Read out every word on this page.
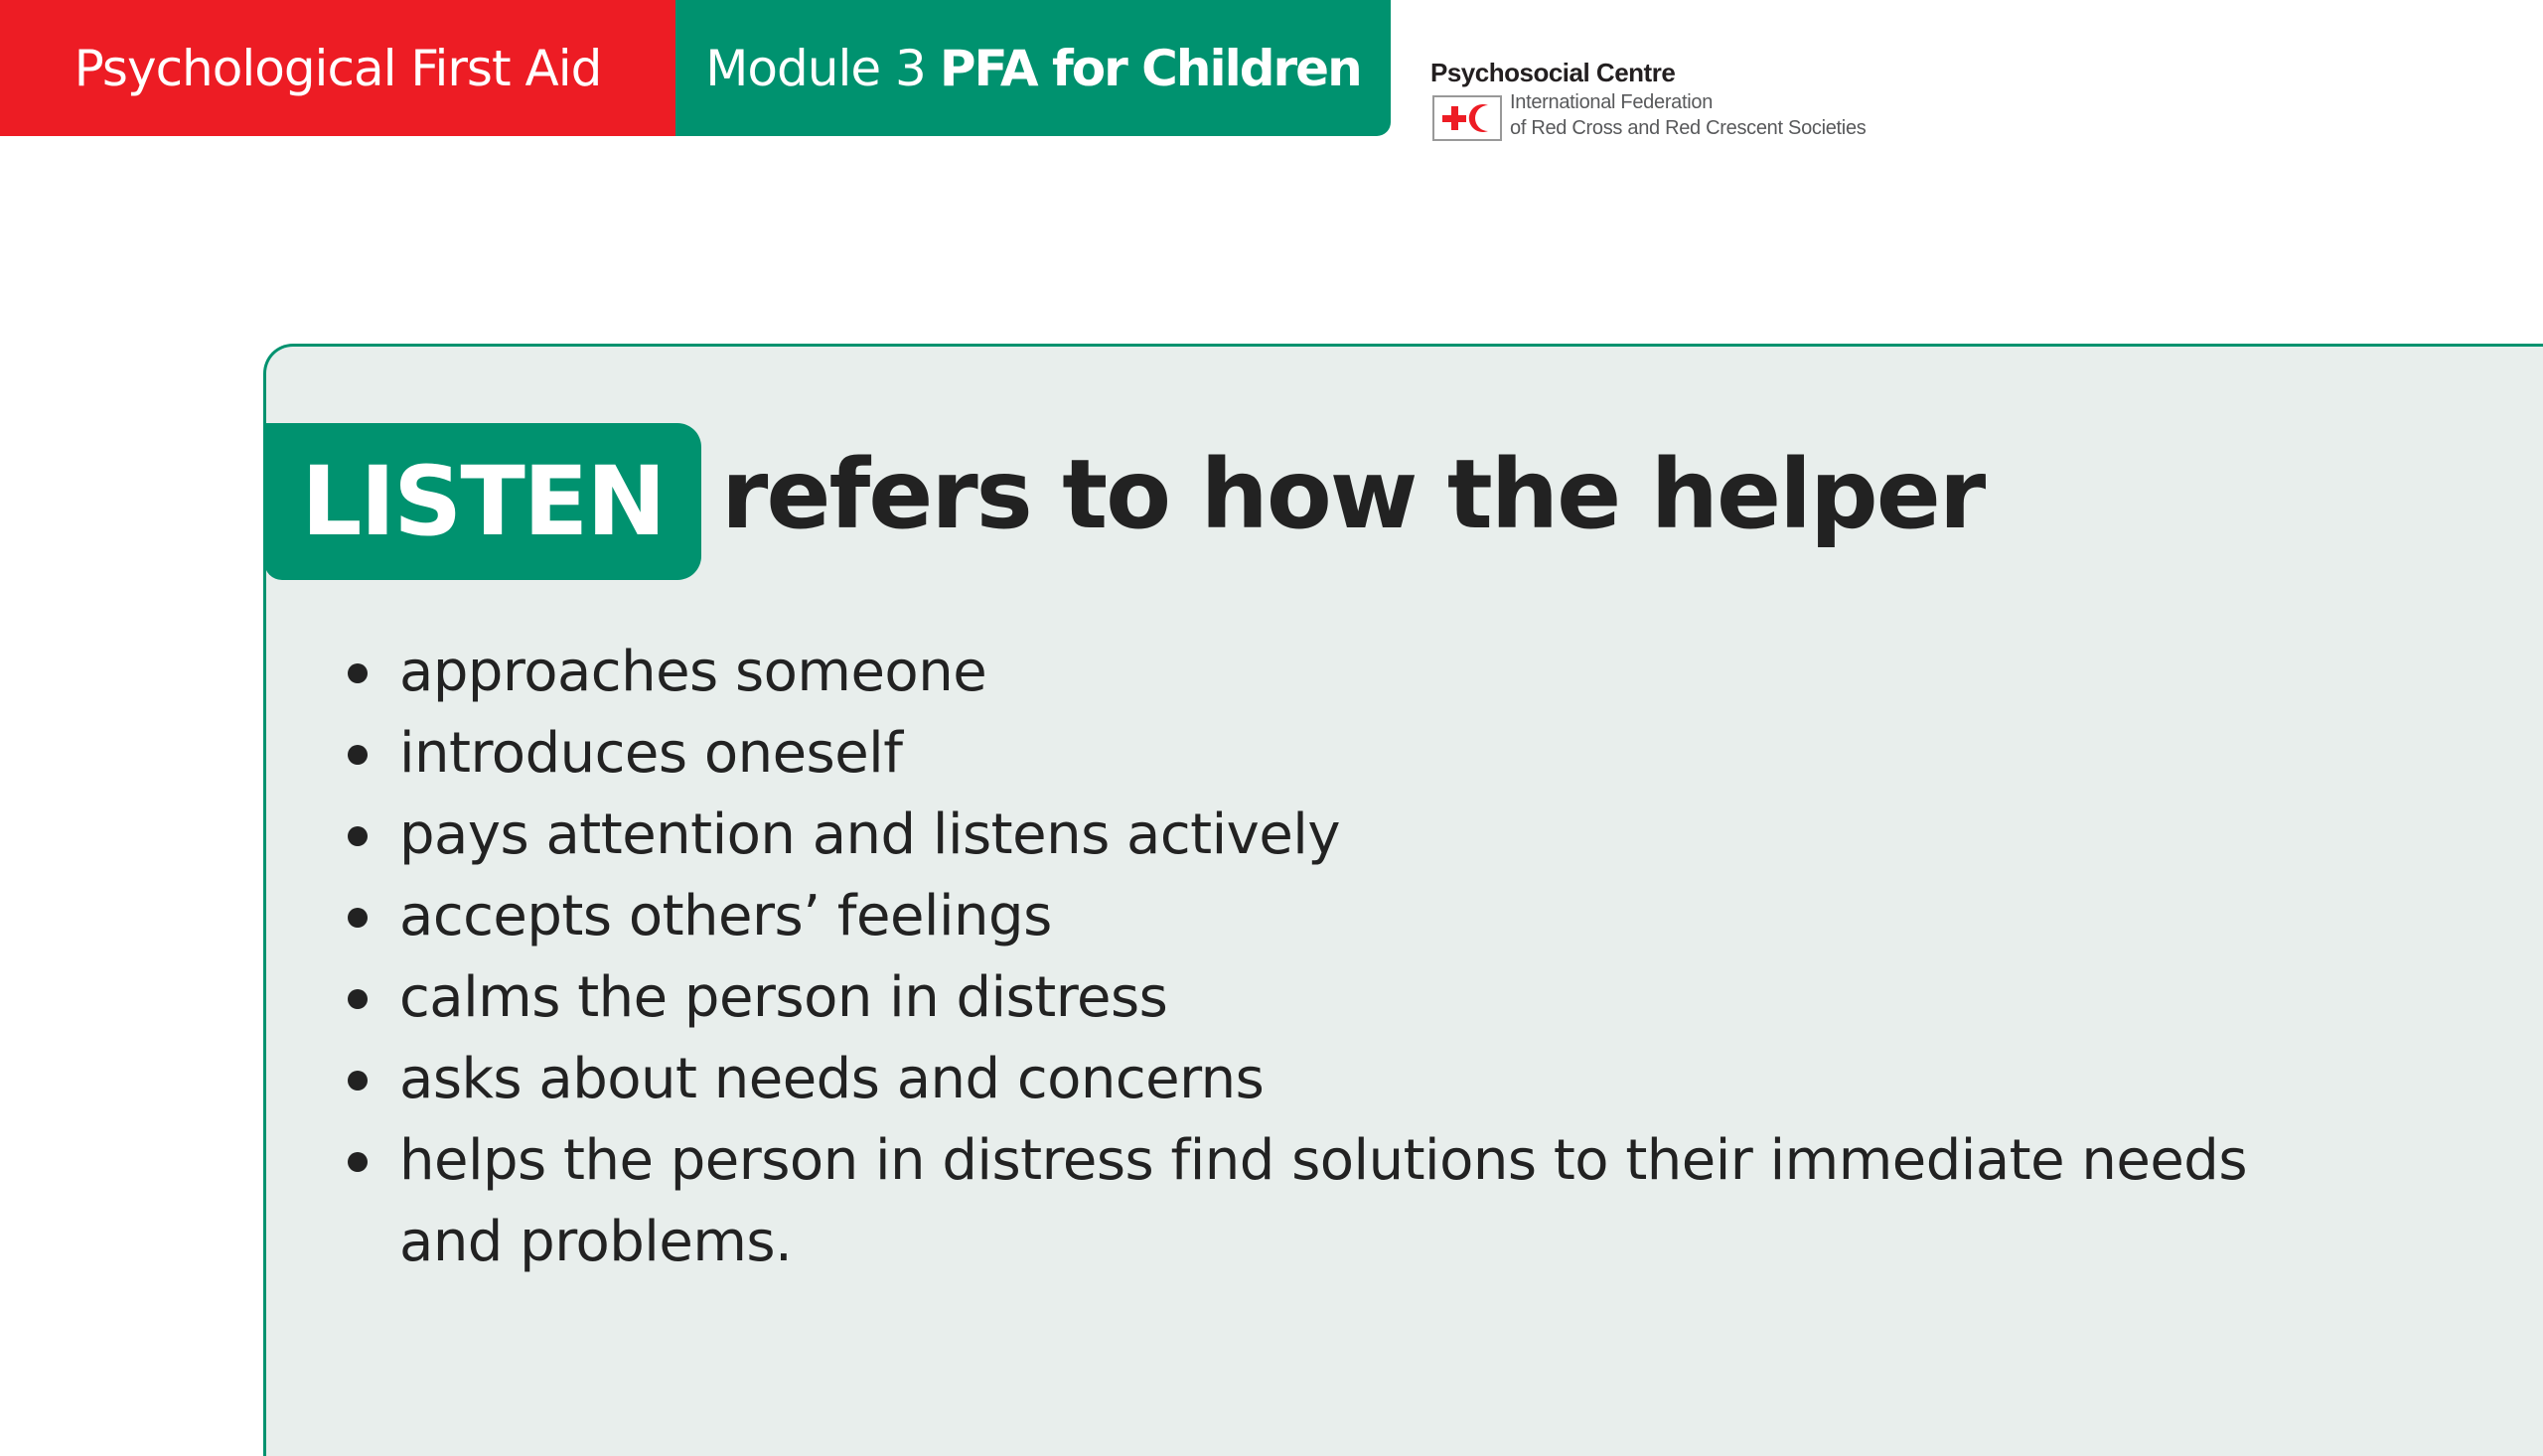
Psychological First Aid Module 3 PFA for Children	Psychosocial Centre
International Federation
of Red Cross and Red Crescent Societies
LISTEN refers to how the helper
approaches someone
introduces oneself
pays attention and listens actively
accepts others’ feelings
calms the person in distress
asks about needs and concerns
helps the person in distress find solutions to their immediate needs and problems.
